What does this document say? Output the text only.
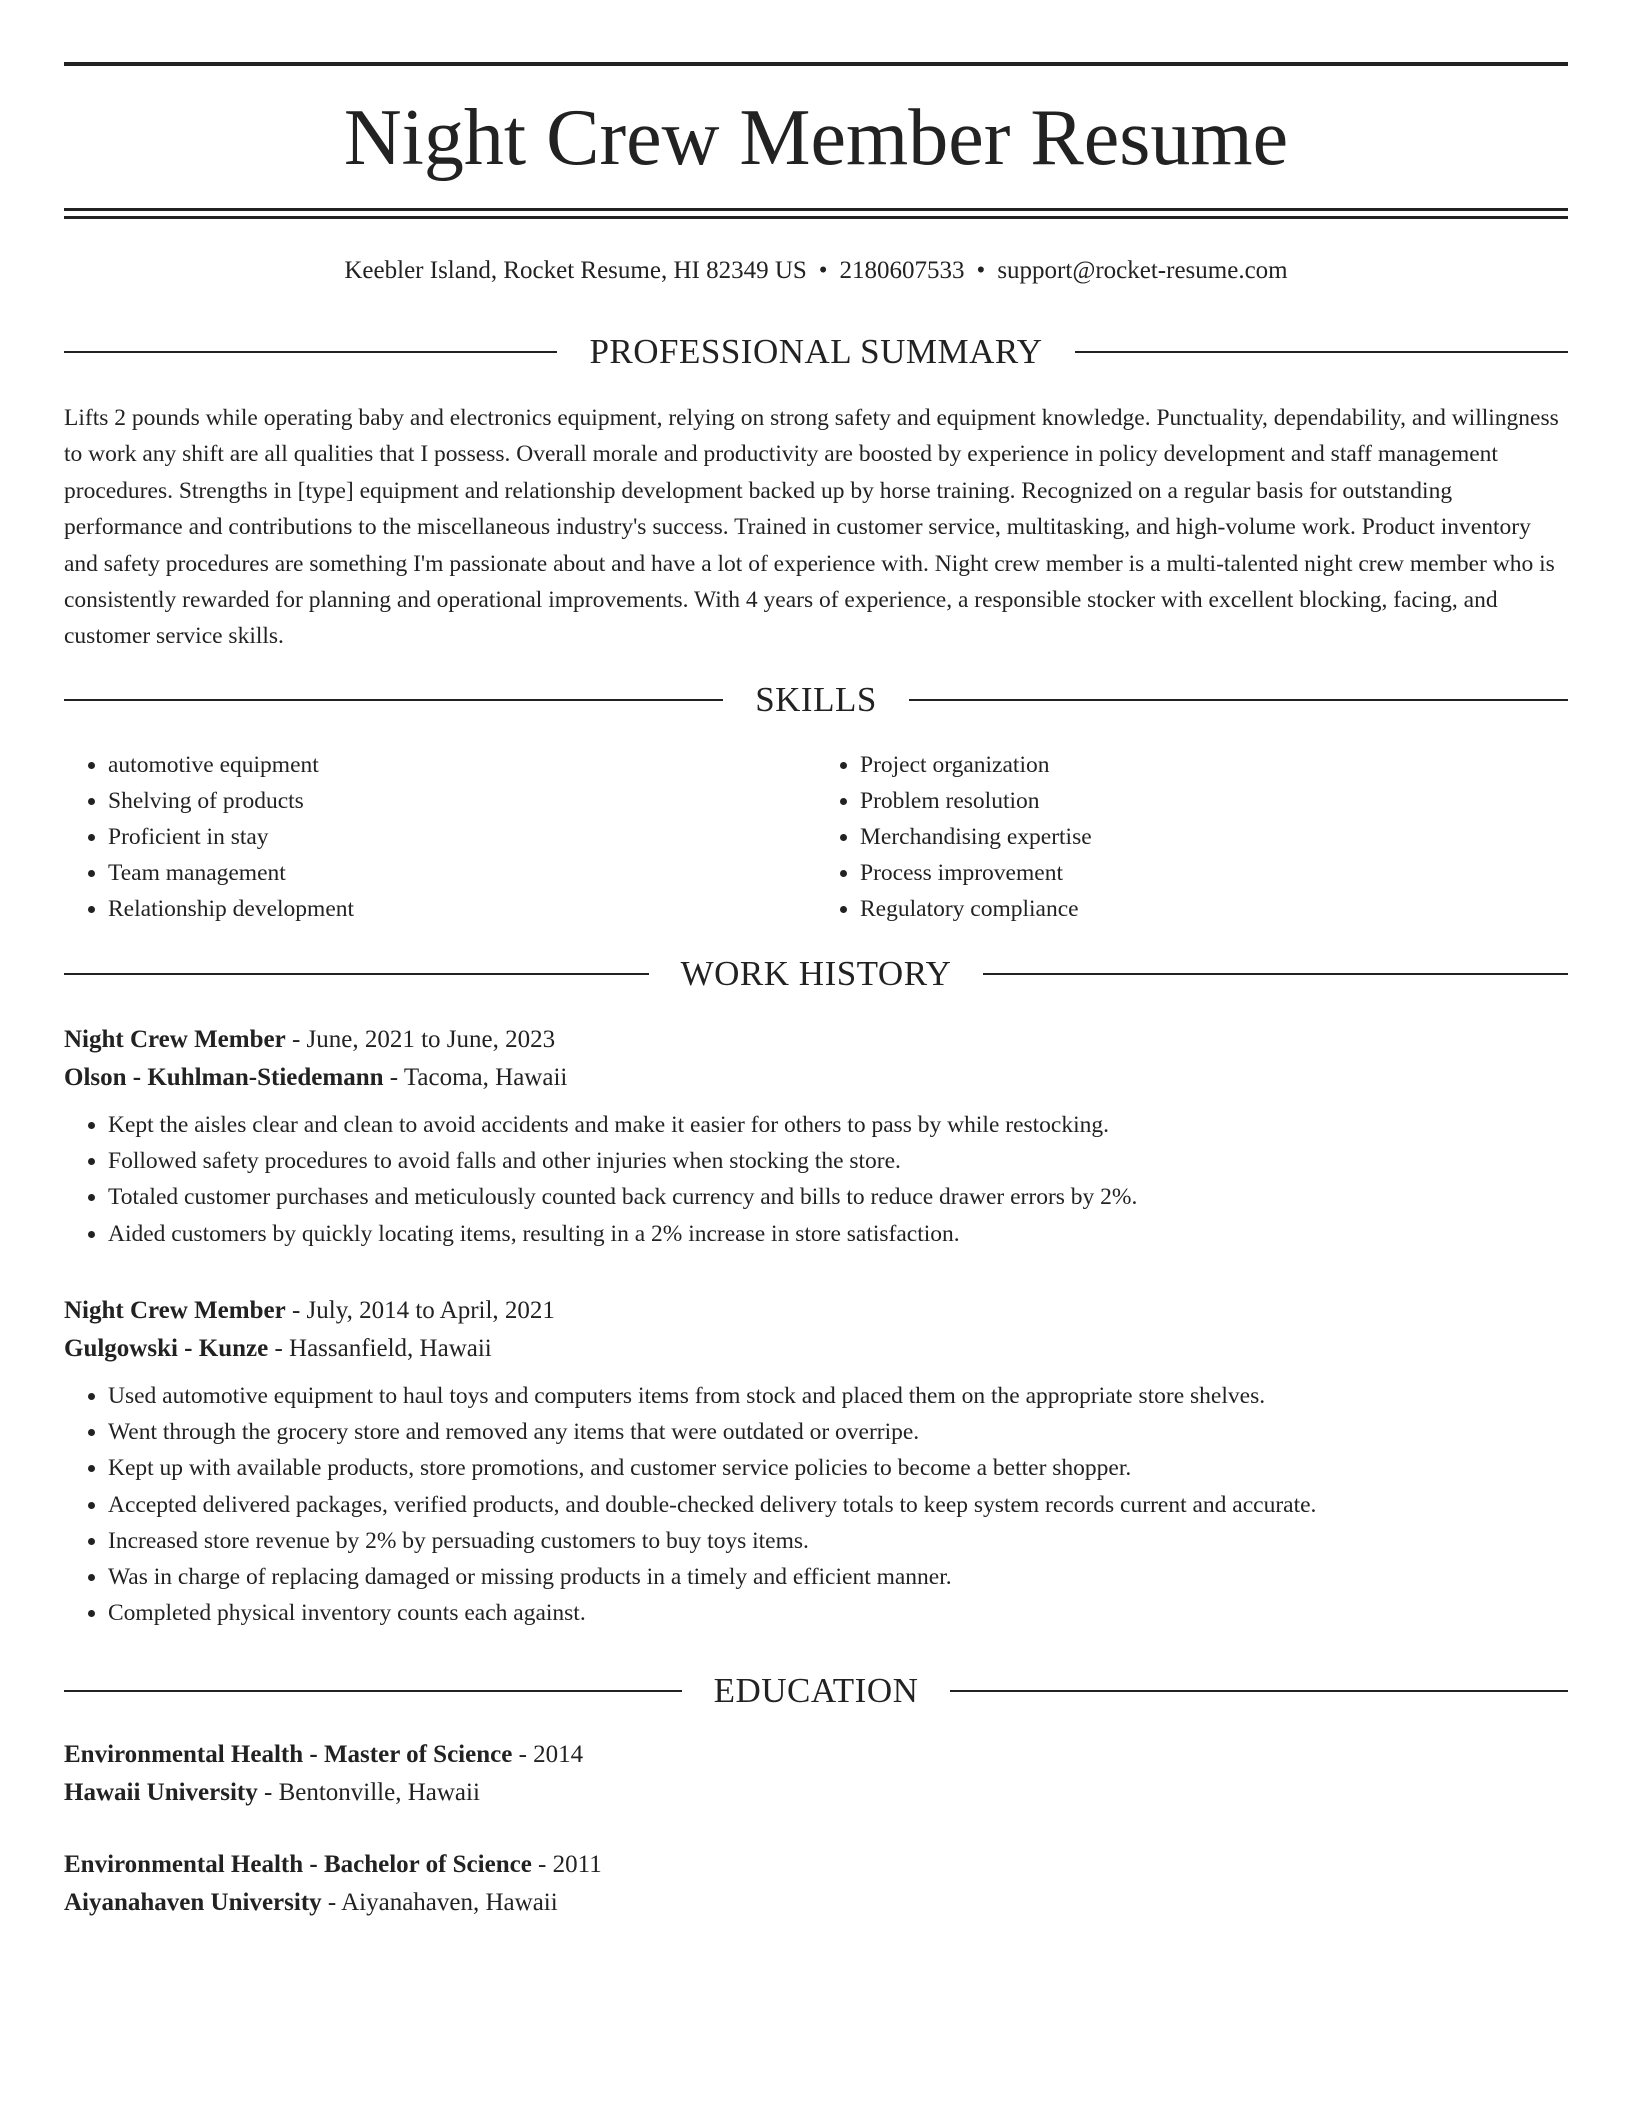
Night Crew Member Resume
Keebler Island, Rocket Resume, HI 82349 US • 2180607533 • support@rocket-resume.com
PROFESSIONAL SUMMARY

Lifts 2 pounds while operating baby and electronics equipment, relying on strong safety and equipment knowledge. Punctuality, dependability, and willingness to work any shift are all qualities that I possess. Overall morale and productivity are boosted by experience in policy development and staff management procedures. Strengths in [type] equipment and relationship development backed up by horse training. Recognized on a regular basis for outstanding performance and contributions to the miscellaneous industry's success. Trained in customer service, multitasking, and high-volume work. Product inventory and safety procedures are something I'm passionate about and have a lot of experience with. Night crew member is a multi-talented night crew member who is consistently rewarded for planning and operational improvements. With 4 years of experience, a responsible stocker with excellent blocking, facing, and customer service skills.

SKILLS
• automotive equipment
• Shelving of products
• Proficient in stay
• Team management
• Relationship development
• Project organization
• Problem resolution
• Merchandising expertise
• Process improvement
• Regulatory compliance
WORK HISTORY
Night Crew Member - June, 2021 to June, 2023
Olson - Kuhlman-Stiedemann - Tacoma, Hawaii
• Kept the aisles clear and clean to avoid accidents and make it easier for others to pass by while restocking.
• Followed safety procedures to avoid falls and other injuries when stocking the store.
• Totaled customer purchases and meticulously counted back currency and bills to reduce drawer errors by 2%.
• Aided customers by quickly locating items, resulting in a 2% increase in store satisfaction.
Night Crew Member - July, 2014 to April, 2021
Gulgowski - Kunze - Hassanfield, Hawaii
• Used automotive equipment to haul toys and computers items from stock and placed them on the appropriate store shelves.
• Went through the grocery store and removed any items that were outdated or overripe.
• Kept up with available products, store promotions, and customer service policies to become a better shopper.
• Accepted delivered packages, verified products, and double-checked delivery totals to keep system records current and accurate.
• Increased store revenue by 2% by persuading customers to buy toys items.
• Was in charge of replacing damaged or missing products in a timely and efficient manner.
• Completed physical inventory counts each against.
EDUCATION
Environmental Health - Master of Science - 2014
Hawaii University - Bentonville, Hawaii
Environmental Health - Bachelor of Science - 2011
Aiyanahaven University - Aiyanahaven, Hawaii
